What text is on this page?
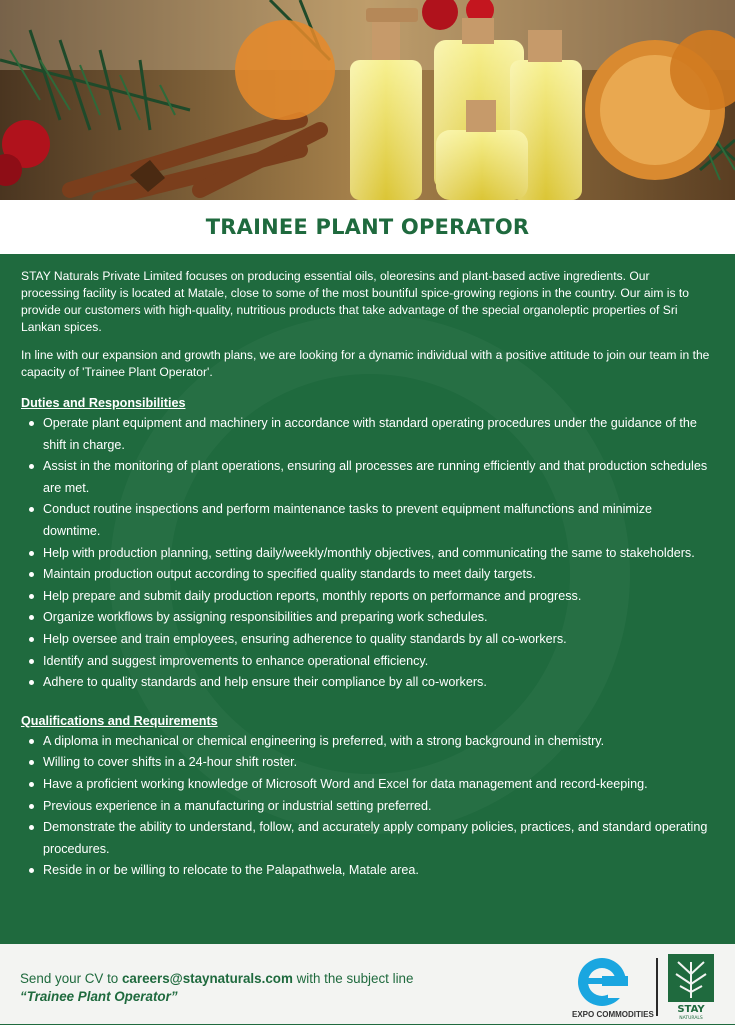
TRAINEE PLANT OPERATOR

STAY Naturals Private Limited focuses on producing essential oils, oleoresins and plant-based active ingredients. Our processing facility is located at Matale, close to some of the most bountiful spice-growing regions in the country. Our aim is to provide our customers with high-quality, nutritious products that take advantage of the special organoleptic properties of Sri Lankan spices.

In line with our expansion and growth plans, we are looking for a dynamic individual with a positive attitude to join our team in the capacity of 'Trainee Plant Operator'.

Duties and Responsibilities
Operate plant equipment and machinery in accordance with standard operating procedures under the guidance of the shift in charge.
Assist in the monitoring of plant operations, ensuring all processes are running efficiently and that production schedules are met.
Conduct routine inspections and perform maintenance tasks to prevent equipment malfunctions and minimize downtime.
Help with production planning, setting daily/weekly/monthly objectives, and communicating the same to stakeholders.
Maintain production output according to specified quality standards to meet daily targets.
Help prepare and submit daily production reports, monthly reports on performance and progress.
Organize workflows by assigning responsibilities and preparing work schedules.
Help oversee and train employees, ensuring adherence to quality standards by all co-workers.
Identify and suggest improvements to enhance operational efficiency.
Adhere to quality standards and help ensure their compliance by all co-workers.
Qualifications and Requirements
A diploma in mechanical or chemical engineering is preferred, with a strong background in chemistry.
Willing to cover shifts in a 24-hour shift roster.
Have a proficient working knowledge of Microsoft Word and Excel for data management and record-keeping.
Previous experience in a manufacturing or industrial setting preferred.
Demonstrate the ability to understand, follow, and accurately apply company policies, practices, and standard operating procedures.
Reside in or be willing to relocate to the Palapathwela, Matale area.
Send your CV to careers@staynaturals.com with the subject line
“Trainee Plant Operator”
EXPO COMMODITIES STAY
NATURALS
